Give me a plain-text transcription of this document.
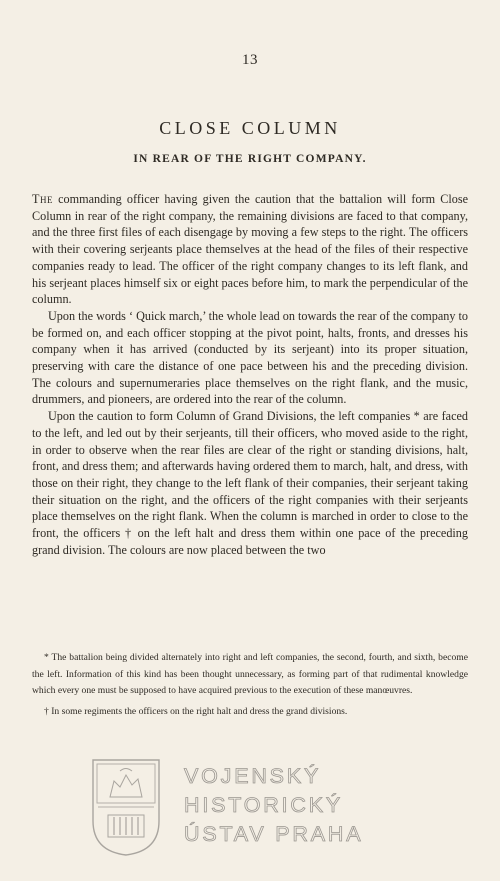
13
CLOSE COLUMN
IN REAR OF THE RIGHT COMPANY.

The commanding officer having given the caution that the battalion will form Close Column in rear of the right company, the remaining divisions are faced to that company, and the three first files of each disengage by moving a few steps to the right. The officers with their covering serjeants place themselves at the head of the files of their respective companies ready to lead. The officer of the right company changes to its left flank, and his serjeant places himself six or eight paces before him, to mark the perpendicular of the column.

Upon the words ‘ Quick march,’ the whole lead on towards the rear of the company to be formed on, and each officer stopping at the pivot point, halts, fronts, and dresses his company when it has arrived (conducted by its serjeant) into its proper situation, preserving with care the distance of one pace between his and the preceding division. The colours and supernumeraries place themselves on the right flank, and the music, drummers, and pioneers, are ordered into the rear of the column.

Upon the caution to form Column of Grand Divisions, the left companies * are faced to the left, and led out by their serjeants, till their officers, who moved aside to the right, in order to observe when the rear files are clear of the right or standing divisions, halt, front, and dress them; and afterwards having ordered them to march, halt, and dress, with those on their right, they change to the left flank of their companies, their serjeant taking their situation on the right, and the officers of the right companies with their serjeants place themselves on the right flank. When the column is marched in order to close to the front, the officers † on the left halt and dress them within one pace of the preceding grand division. The colours are now placed between the two

* The battalion being divided alternately into right and left companies, the second, fourth, and sixth, become the left. Information of this kind has been thought unnecessary, as forming part of that rudimental knowledge which every one must be supposed to have acquired previous to the execution of these manœuvres.

† In some regiments the officers on the right halt and dress the grand divisions.

VOJENSKÝ
HISTORICKÝ
ÚSTAV PRAHA
